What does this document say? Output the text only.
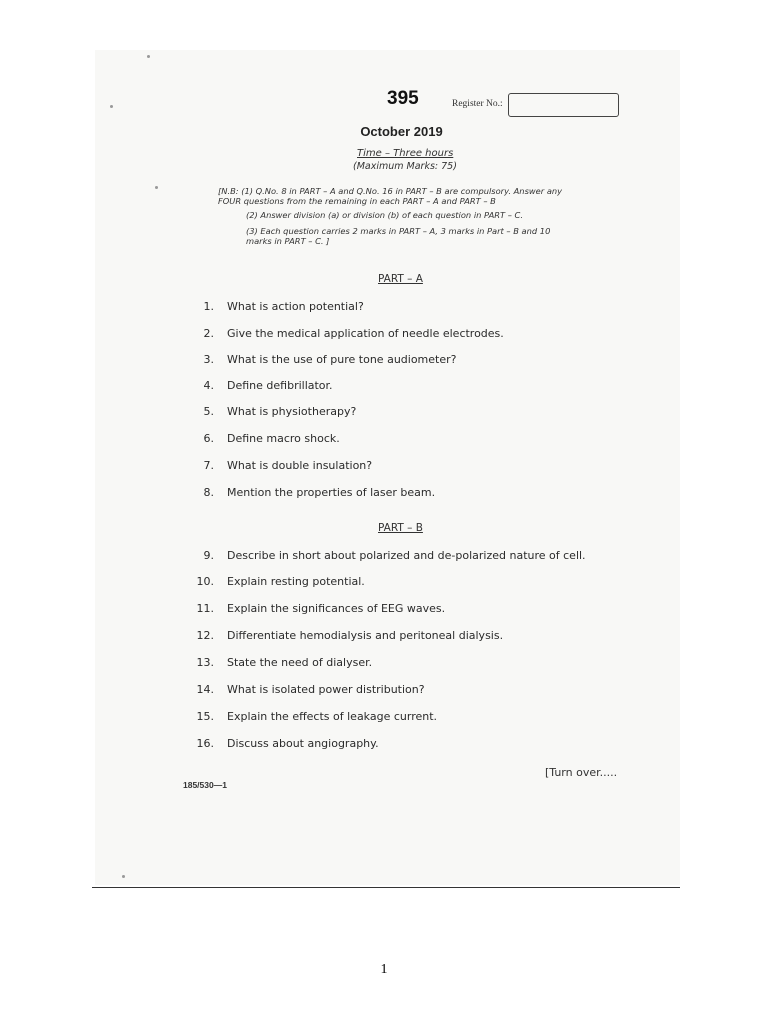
395	Register No.:
October 2019
Time – Three hours
(Maximum Marks: 75)
[N.B: (1) Q.No. 8 in PART – A and Q.No. 16 in PART – B are compulsory. Answer any FOUR questions from the remaining in each PART – A and PART – B
(2) Answer division (a) or division (b) of each question in PART – C.
(3) Each question carries 2 marks in PART – A, 3 marks in Part – B and 10 marks in PART – C. ]
PART – A
1. What is action potential?
2. Give the medical application of needle electrodes.
3. What is the use of pure tone audiometer?
4. Define defibrillator.
5. What is physiotherapy?
6. Define macro shock.
7. What is double insulation?
8. Mention the properties of laser beam.
PART – B
9. Describe in short about polarized and de-polarized nature of cell.
10. Explain resting potential.
11. Explain the significances of EEG waves.
12. Differentiate hemodialysis and peritoneal dialysis.
13. State the need of dialyser.
14. What is isolated power distribution?
15. Explain the effects of leakage current.
16. Discuss about angiography.
[Turn over.....
185/530—1
1
